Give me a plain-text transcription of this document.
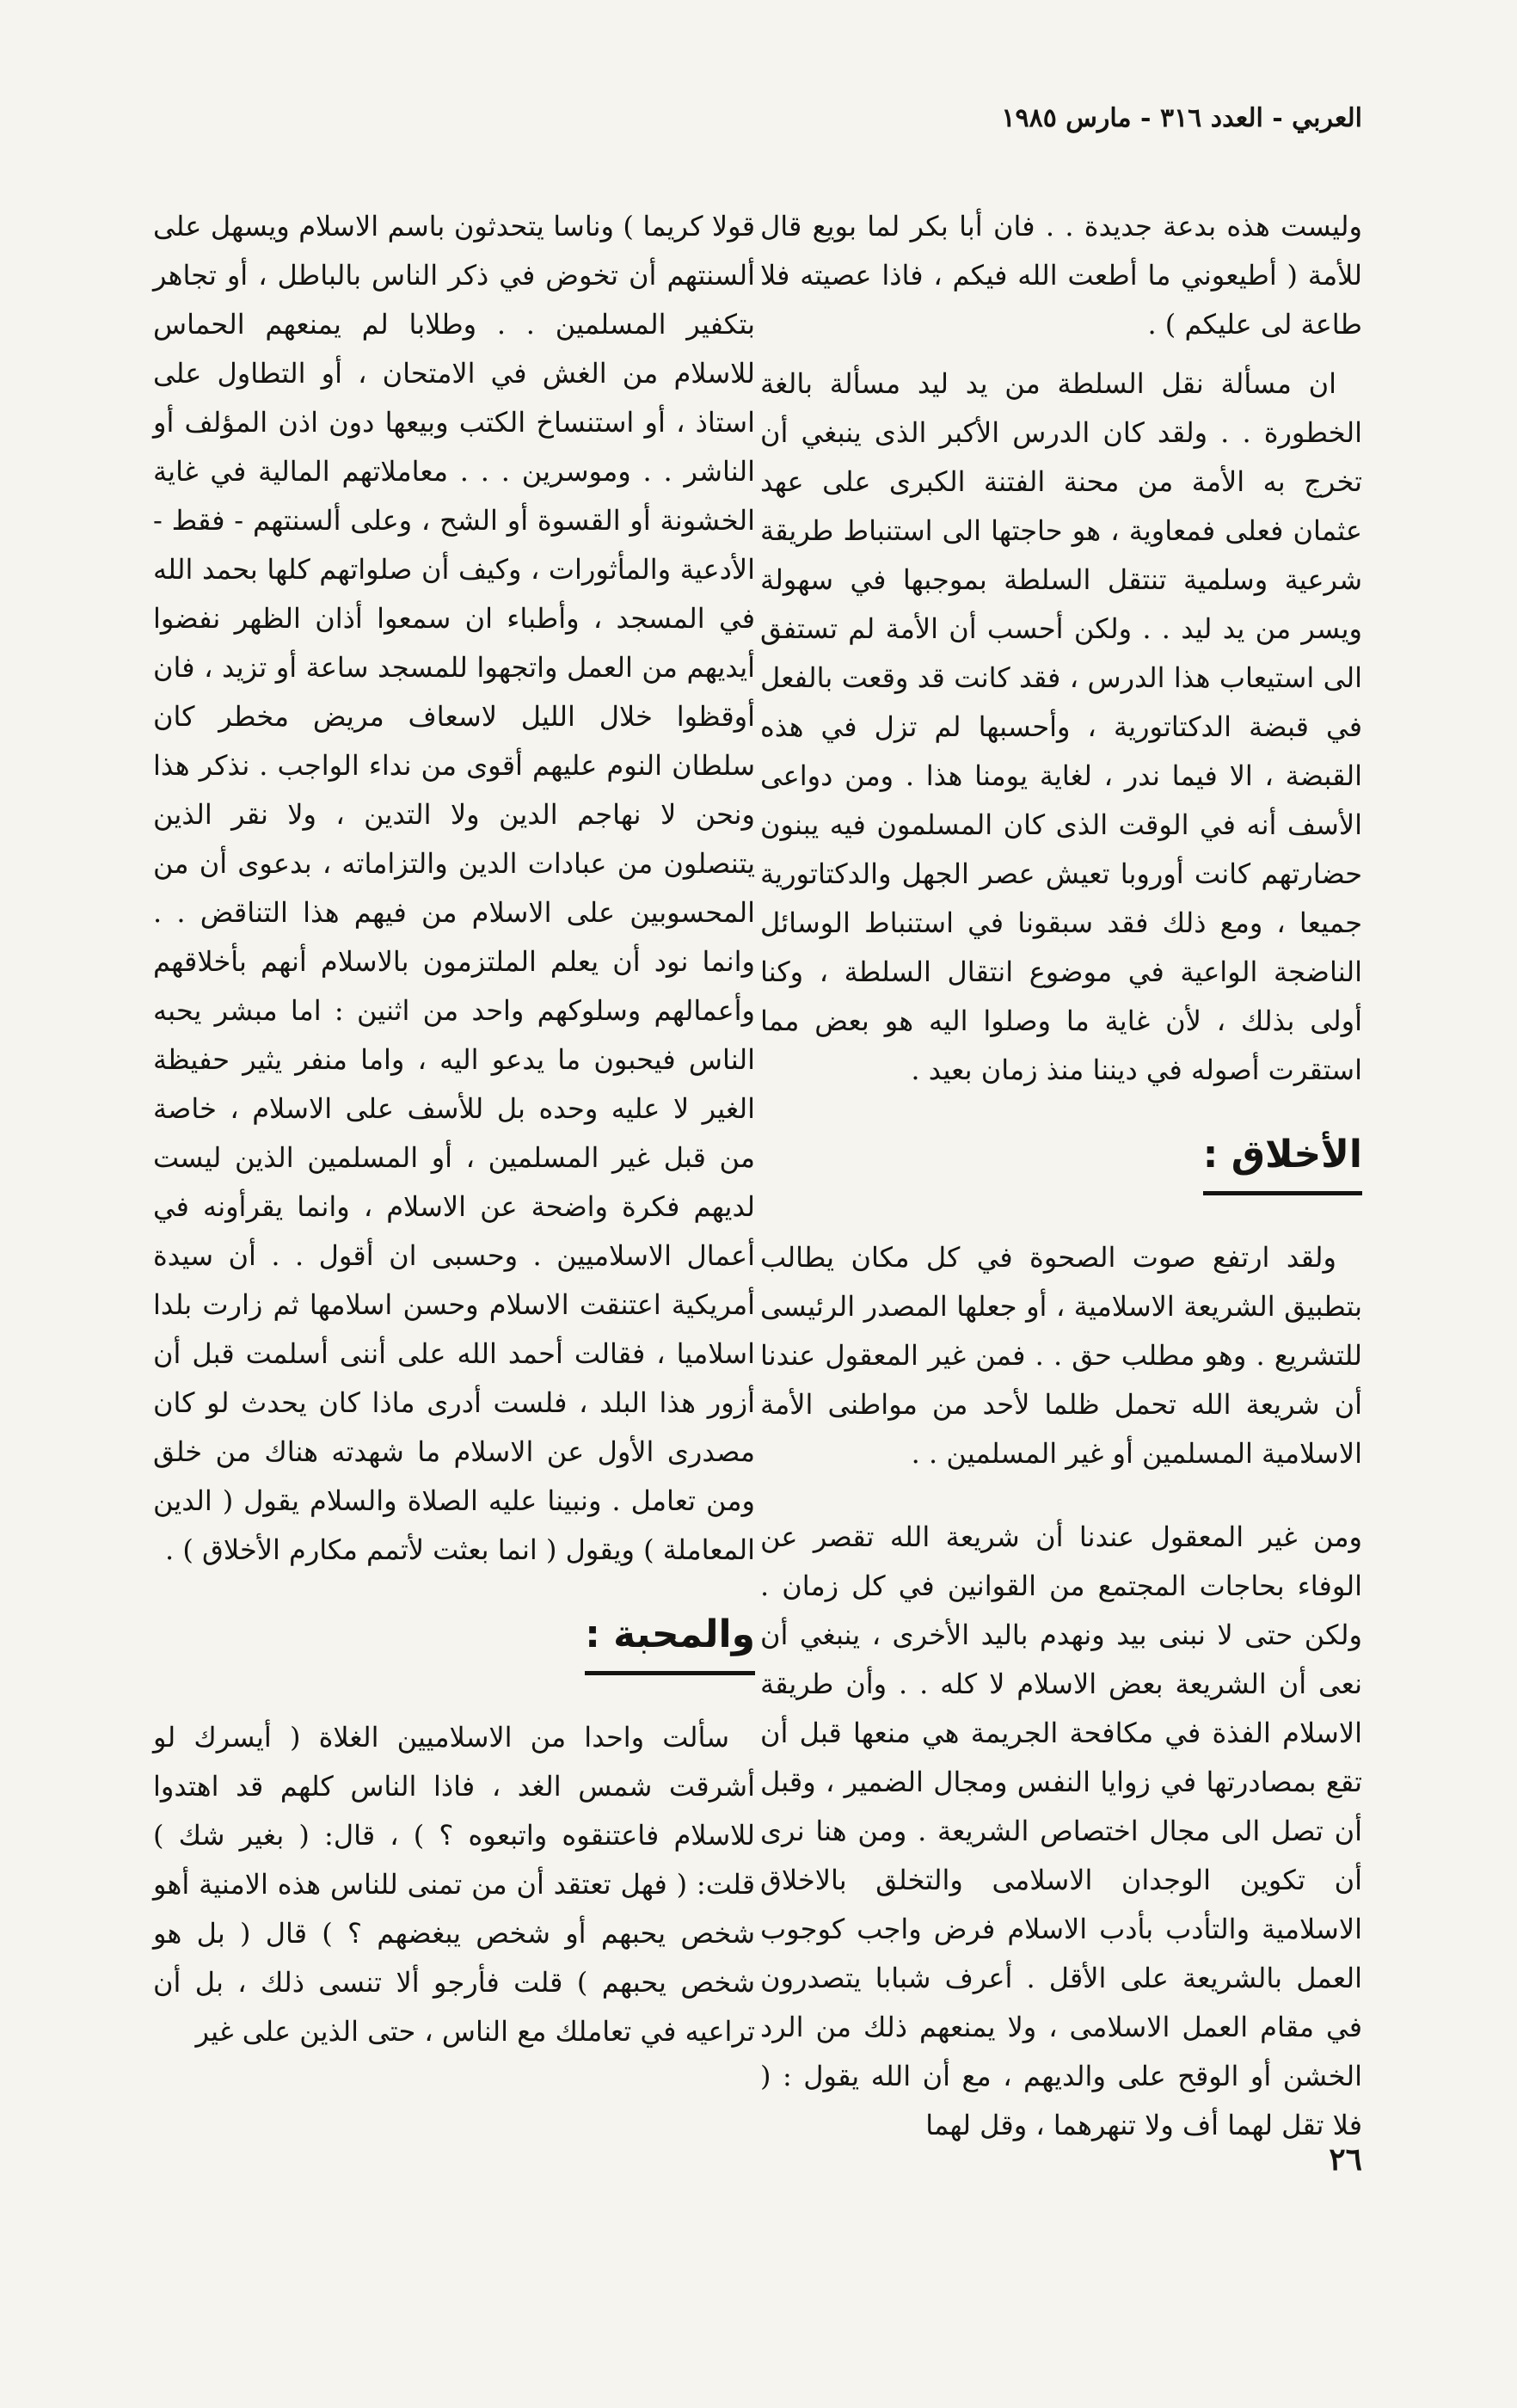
العربي - العدد ٣١٦ - مارس ١٩٨٥

وليست هذه بدعة جديدة . . فان أبا بكر لما بويع قال للأمة ( أطيعوني ما أطعت الله فيكم ، فاذا عصيته فلا طاعة لى عليكم ) .

ان مسألة نقل السلطة من يد ليد مسألة بالغة الخطورة . . ولقد كان الدرس الأكبر الذى ينبغي أن تخرج به الأمة من محنة الفتنة الكبرى على عهد عثمان فعلى فمعاوية ، هو حاجتها الى استنباط طريقة شرعية وسلمية تنتقل السلطة بموجبها في سهولة ويسر من يد ليد . . ولكن أحسب أن الأمة لم تستفق الى استيعاب هذا الدرس ، فقد كانت قد وقعت بالفعل في قبضة الدكتاتورية ، وأحسبها لم تزل في هذه القبضة ، الا فيما ندر ، لغاية يومنا هذا . ومن دواعى الأسف أنه في الوقت الذى كان المسلمون فيه يبنون حضارتهم كانت أوروبا تعيش عصر الجهل والدكتاتورية جميعا ، ومع ذلك فقد سبقونا في استنباط الوسائل الناضجة الواعية في موضوع انتقال السلطة ، وكنا أولى بذلك ، لأن غاية ما وصلوا اليه هو بعض مما استقرت أصوله في ديننا منذ زمان بعيد .

الأخلاق :

ولقد ارتفع صوت الصحوة في كل مكان يطالب بتطبيق الشريعة الاسلامية ، أو جعلها المصدر الرئيسى للتشريع . وهو مطلب حق . . فمن غير المعقول عندنا أن شريعة الله تحمل ظلما لأحد من مواطنى الأمة الاسلامية المسلمين أو غير المسلمين . .

ومن غير المعقول عندنا أن شريعة الله تقصر عن الوفاء بحاجات المجتمع من القوانين في كل زمان . ولكن حتى لا نبنى بيد ونهدم باليد الأخرى ، ينبغي أن نعى أن الشريعة بعض الاسلام لا كله . . وأن طريقة الاسلام الفذة في مكافحة الجريمة هي منعها قبل أن تقع بمصادرتها في زوايا النفس ومجال الضمير ، وقبل أن تصل الى مجال اختصاص الشريعة . ومن هنا نرى أن تكوين الوجدان الاسلامى والتخلق بالاخلاق الاسلامية والتأدب بأدب الاسلام فرض واجب كوجوب العمل بالشريعة على الأقل . أعرف شبابا يتصدرون في مقام العمل الاسلامى ، ولا يمنعهم ذلك من الرد الخشن أو الوقح على والديهم ، مع أن الله يقول : ( فلا تقل لهما أف ولا تنهرهما ، وقل لهما

قولا كريما ) وناسا يتحدثون باسم الاسلام ويسهل على ألسنتهم أن تخوض في ذكر الناس بالباطل ، أو تجاهر بتكفير المسلمين . . وطلابا لم يمنعهم الحماس للاسلام من الغش في الامتحان ، أو التطاول على استاذ ، أو استنساخ الكتب وبيعها دون اذن المؤلف أو الناشر . . وموسرين . . . معاملاتهم المالية في غاية الخشونة أو القسوة أو الشح ، وعلى ألسنتهم - فقط - الأدعية والمأثورات ، وكيف أن صلواتهم كلها بحمد الله في المسجد ، وأطباء ان سمعوا أذان الظهر نفضوا أيديهم من العمل واتجهوا للمسجد ساعة أو تزيد ، فان أوقظوا خلال الليل لاسعاف مريض مخطر كان سلطان النوم عليهم أقوى من نداء الواجب . نذكر هذا ونحن لا نهاجم الدين ولا التدين ، ولا نقر الذين يتنصلون من عبادات الدين والتزاماته ، بدعوى أن من المحسوبين على الاسلام من فيهم هذا التناقض . . وانما نود أن يعلم الملتزمون بالاسلام أنهم بأخلاقهم وأعمالهم وسلوكهم واحد من اثنين : اما مبشر يحبه الناس فيحبون ما يدعو اليه ، واما منفر يثير حفيظة الغير لا عليه وحده بل للأسف على الاسلام ، خاصة من قبل غير المسلمين ، أو المسلمين الذين ليست لديهم فكرة واضحة عن الاسلام ، وانما يقرأونه في أعمال الاسلاميين . وحسبى ان أقول . . أن سيدة أمريكية اعتنقت الاسلام وحسن اسلامها ثم زارت بلدا اسلاميا ، فقالت أحمد الله على أننى أسلمت قبل أن أزور هذا البلد ، فلست أدرى ماذا كان يحدث لو كان مصدرى الأول عن الاسلام ما شهدته هناك من خلق ومن تعامل . ونبينا عليه الصلاة والسلام يقول ( الدين المعاملة ) ويقول ( انما بعثت لأتمم مكارم الأخلاق ) .

والمحبة :

سألت واحدا من الاسلاميين الغلاة ( أيسرك لو أشرقت شمس الغد ، فاذا الناس كلهم قد اهتدوا للاسلام فاعتنقوه واتبعوه ؟ ) ، قال: ( بغير شك ) قلت: ( فهل تعتقد أن من تمنى للناس هذه الامنية أهو شخص يحبهم أو شخص يبغضهم ؟ ) قال ( بل هو شخص يحبهم ) قلت فأرجو ألا تنسى ذلك ، بل أن تراعيه في تعاملك مع الناس ، حتى الذين على غير

٢٦
